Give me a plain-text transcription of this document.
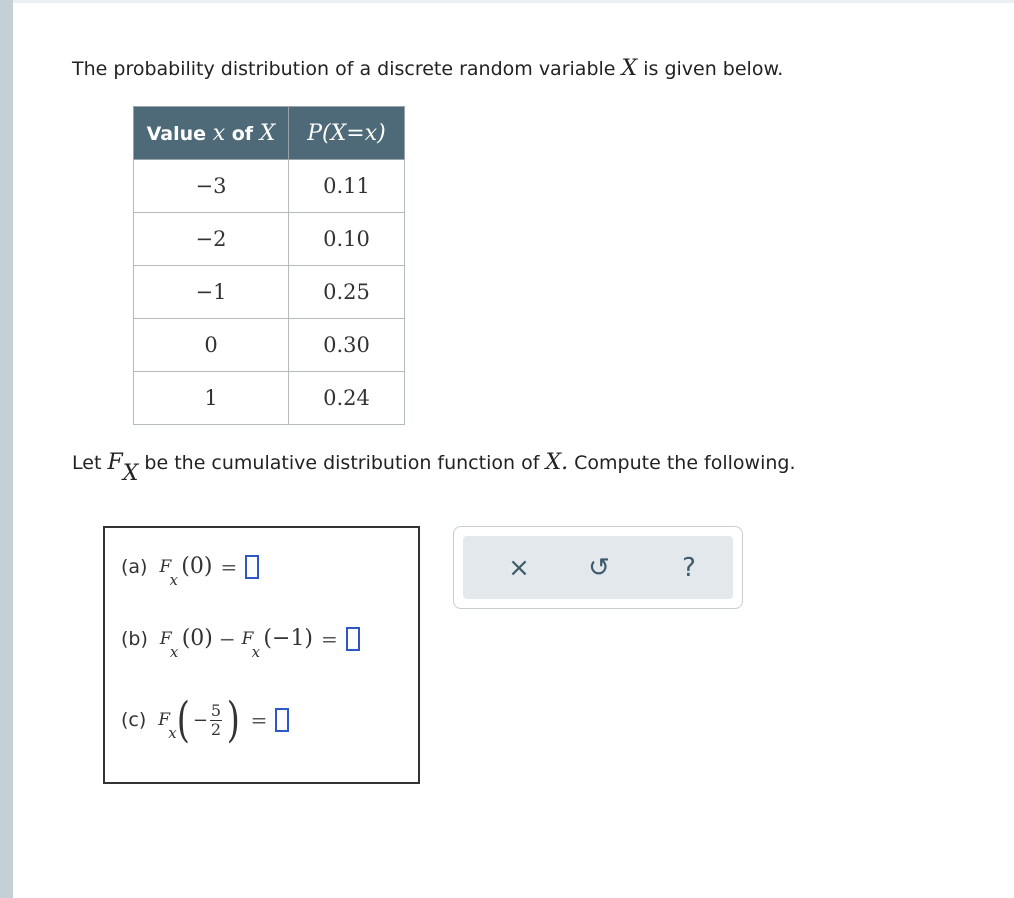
The probability distribution of a discrete random variable X is given below.
Value x of X	P(X=x)
−3	0.11
−2	0.10
−1	0.25
0	0.30
1	0.24
Let FX be the cumulative distribution function of X. Compute the following.
(a) F
x
(0) =
(b) F
x
(0) − F
x
(−1) =
(c) F
x ( − $\frac{5}{2}$ ) =
× ↺	?
